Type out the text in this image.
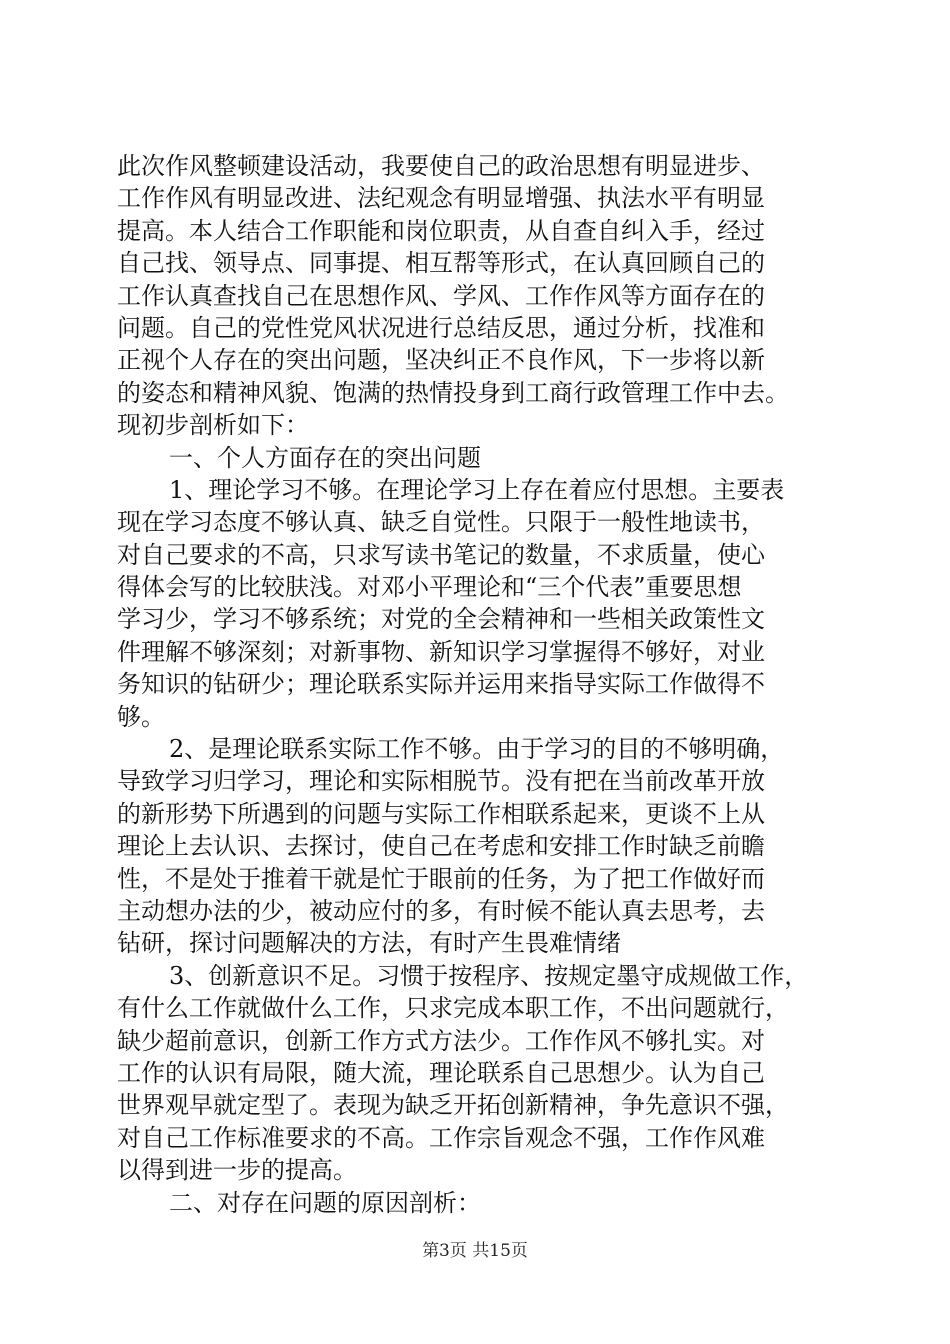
此次作风整顿建设活动，我要使自己的政治思想有明显进步、
工作作风有明显改进、法纪观念有明显增强、执法水平有明显
提高。本人结合工作职能和岗位职责，从自查自纠入手，经过
自己找、领导点、同事提、相互帮等形式，在认真回顾自己的
工作认真查找自己在思想作风、学风、工作作风等方面存在的
问题。自己的党性党风状况进行总结反思，通过分析，找准和
正视个人存在的突出问题，坚决纠正不良作风，下一步将以新
的姿态和精神风貌、饱满的热情投身到工商行政管理工作中去。
现初步剖析如下：
一、个人方面存在的突出问题
1、理论学习不够。在理论学习上存在着应付思想。主要表
现在学习态度不够认真、缺乏自觉性。只限于一般性地读书，
对自己要求的不高，只求写读书笔记的数量，不求质量，使心
得体会写的比较肤浅。对邓小平理论和“三个代表”重要思想
学习少，学习不够系统；对党的全会精神和一些相关政策性文
件理解不够深刻；对新事物、新知识学习掌握得不够好，对业
务知识的钻研少；理论联系实际并运用来指导实际工作做得不
够。
2、是理论联系实际工作不够。由于学习的目的不够明确，
导致学习归学习，理论和实际相脱节。没有把在当前改革开放
的新形势下所遇到的问题与实际工作相联系起来，更谈不上从
理论上去认识、去探讨，使自己在考虑和安排工作时缺乏前瞻
性，不是处于推着干就是忙于眼前的任务，为了把工作做好而
主动想办法的少，被动应付的多，有时候不能认真去思考，去
钻研，探讨问题解决的方法，有时产生畏难情绪
3、创新意识不足。习惯于按程序、按规定墨守成规做工作，
有什么工作就做什么工作，只求完成本职工作，不出问题就行，
缺少超前意识，创新工作方式方法少。工作作风不够扎实。对
工作的认识有局限，随大流，理论联系自己思想少。认为自己
世界观早就定型了。表现为缺乏开拓创新精神，争先意识不强，
对自己工作标准要求的不高。工作宗旨观念不强，工作作风难
以得到进一步的提高。
二、对存在问题的原因剖析：
第3页 共15页
